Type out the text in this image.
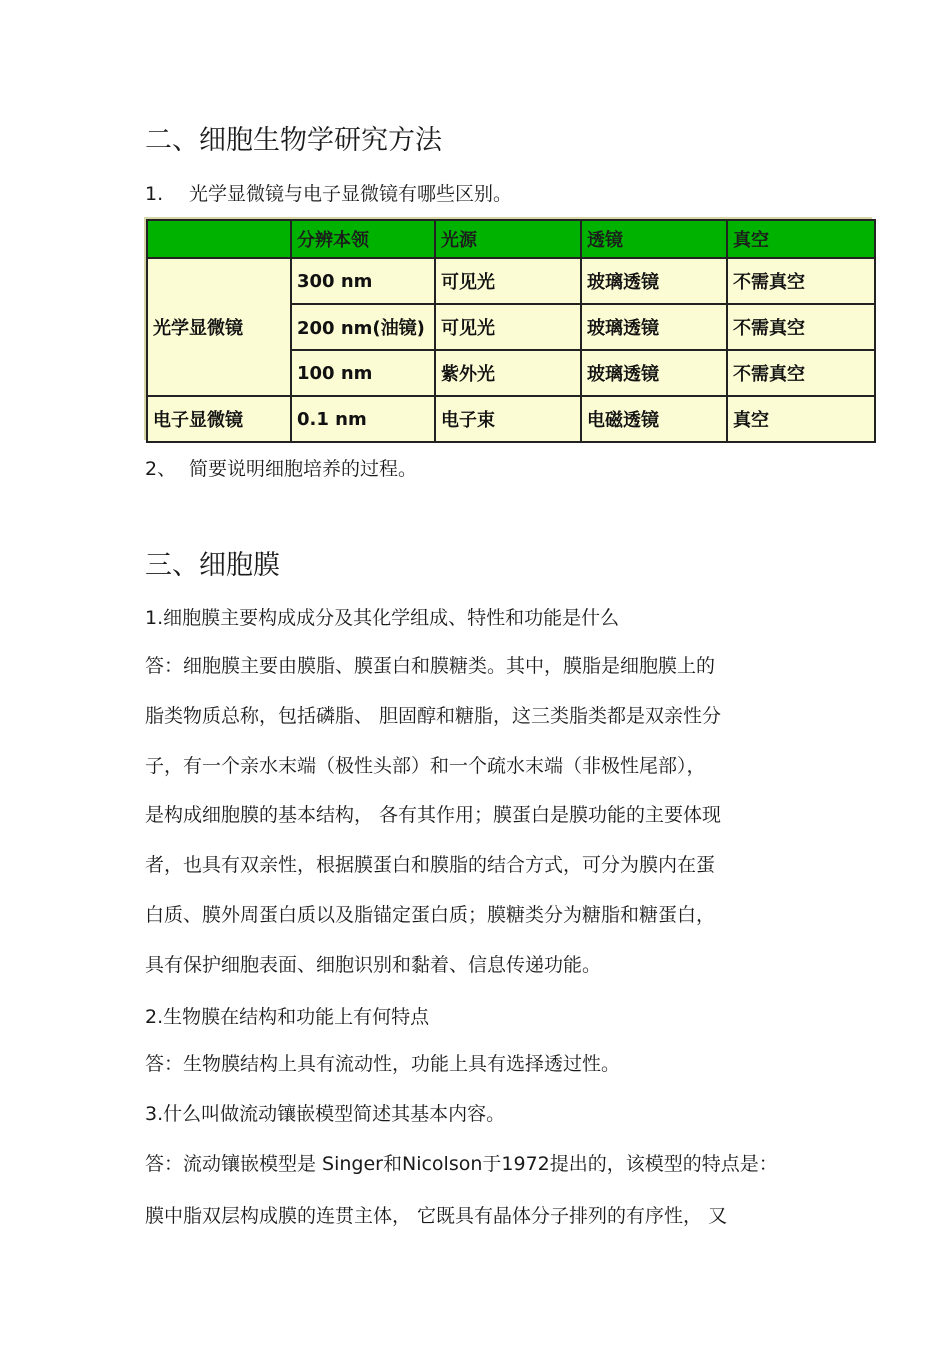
二、细胞生物学研究方法
1. 光学显微镜与电子显微镜有哪些区别。
	分辨本领	光源	透镜	真空
光学显微镜	300 nm	可见光	玻璃透镜	不需真空
	200 nm(油镜)	可见光	玻璃透镜	不需真空
	100 nm	紫外光	玻璃透镜	不需真空
电子显微镜	0.1 nm	电子束	电磁透镜	真空
2、 简要说明细胞培养的过程。
三、细胞膜
1.细胞膜主要构成成分及其化学组成、特性和功能是什么
答：细胞膜主要由膜脂、膜蛋白和膜糖类。其中，膜脂是细胞膜上的
脂类物质总称，包括磷脂、 胆固醇和糖脂，这三类脂类都是双亲性分
子，有一个亲水末端（极性头部）和一个疏水末端（非极性尾部），
是构成细胞膜的基本结构， 各有其作用；膜蛋白是膜功能的主要体现
者，也具有双亲性，根据膜蛋白和膜脂的结合方式，可分为膜内在蛋
白质、膜外周蛋白质以及脂锚定蛋白质；膜糖类分为糖脂和糖蛋白，
具有保护细胞表面、细胞识别和黏着、信息传递功能。
2.生物膜在结构和功能上有何特点
答：生物膜结构上具有流动性，功能上具有选择透过性。
3.什么叫做流动镶嵌模型简述其基本内容。
答：流动镶嵌模型是 Singer和Nicolson于1972提出的，该模型的特点是：
膜中脂双层构成膜的连贯主体， 它既具有晶体分子排列的有序性， 又
